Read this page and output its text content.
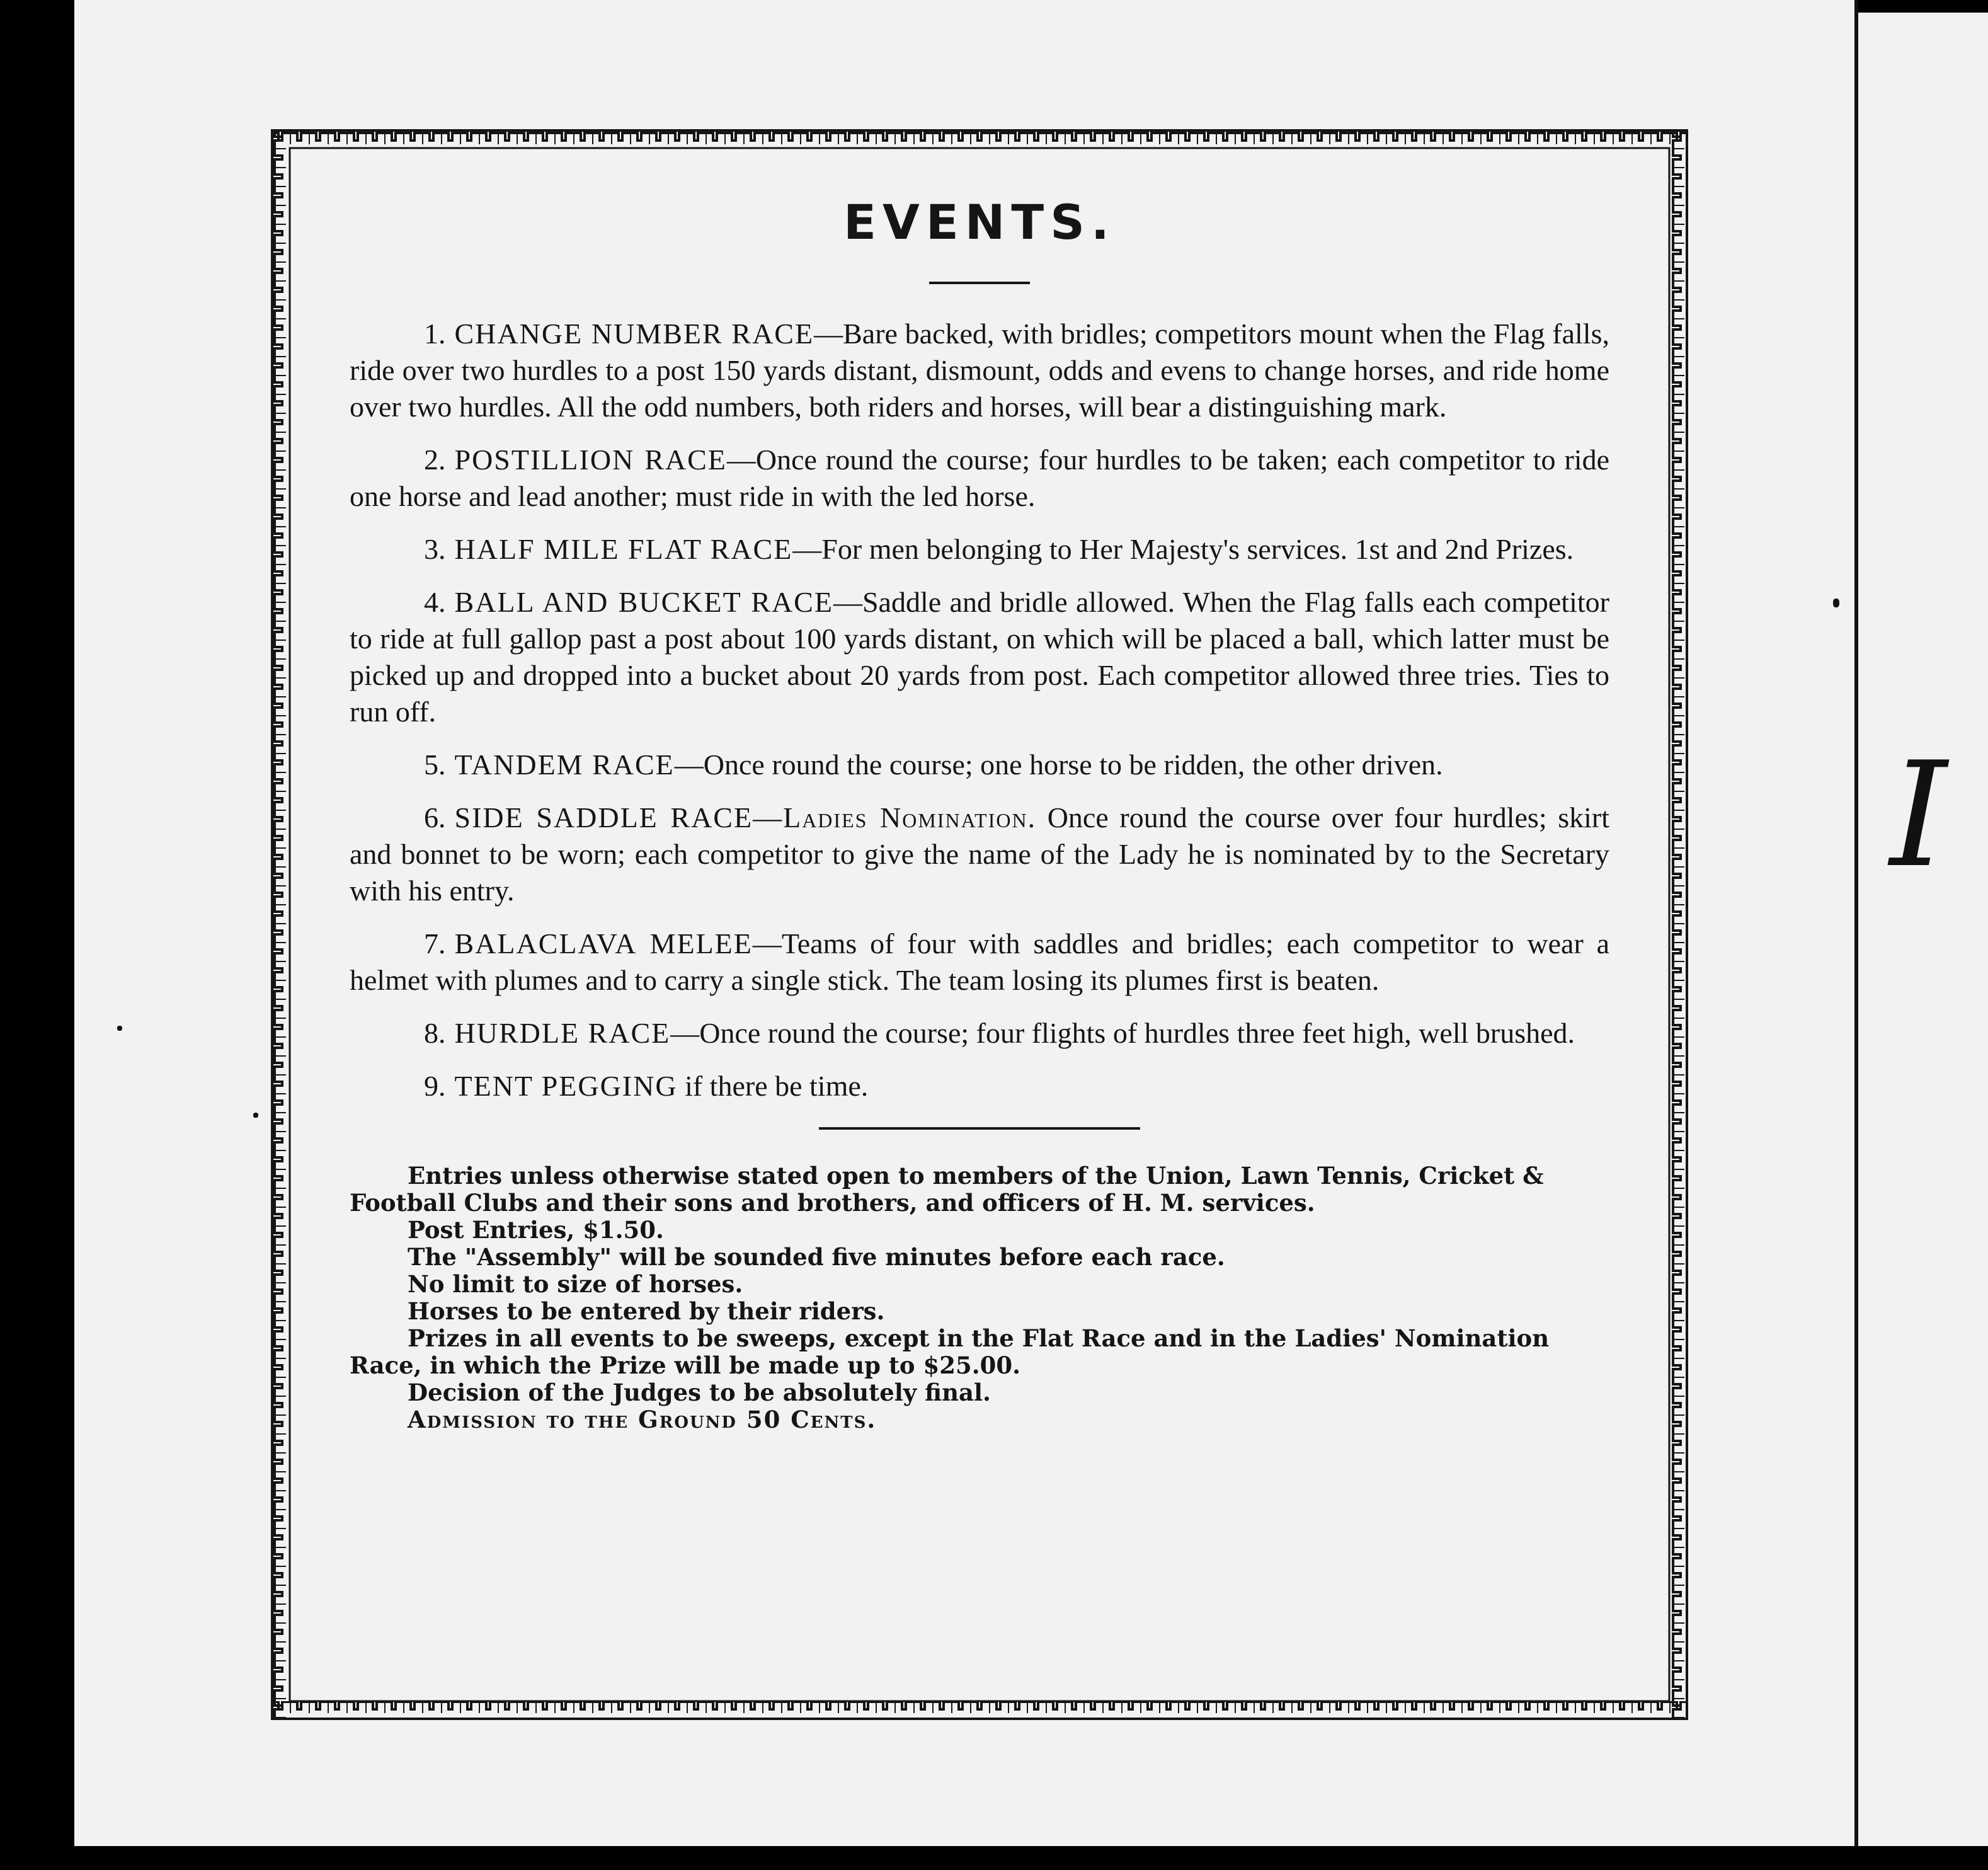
I
EVENTS.

1. CHANGE NUMBER RACE—Bare backed, with bridles; competitors mount when the Flag falls, ride over two hurdles to a post 150 yards distant, dismount, odds and evens to change horses, and ride home over two hurdles. All the odd numbers, both riders and horses, will bear a distinguishing mark.

2. POSTILLION RACE—Once round the course; four hurdles to be taken; each competitor to ride one horse and lead another; must ride in with the led horse.

3. HALF MILE FLAT RACE—For men belonging to Her Majesty's services. 1st and 2nd Prizes.

4. BALL AND BUCKET RACE—Saddle and bridle allowed. When the Flag falls each competitor to ride at full gallop past a post about 100 yards distant, on which will be placed a ball, which latter must be picked up and dropped into a bucket about 20 yards from post. Each competitor allowed three tries. Ties to run off.

5. TANDEM RACE—Once round the course; one horse to be ridden, the other driven.

6. SIDE SADDLE RACE—Ladies Nomination. Once round the course over four hurdles; skirt and bonnet to be worn; each competitor to give the name of the Lady he is nominated by to the Secretary with his entry.

7. BALACLAVA MELEE—Teams of four with saddles and bridles; each competitor to wear a helmet with plumes and to carry a single stick. The team losing its plumes first is beaten.

8. HURDLE RACE—Once round the course; four flights of hurdles three feet high, well brushed.

9. TENT PEGGING if there be time.

Entries unless otherwise stated open to members of the Union, Lawn Tennis, Cricket & Football Clubs and their sons and brothers, and officers of H. M. services.

Post Entries, $1.50.

The "Assembly" will be sounded five minutes before each race.

No limit to size of horses.

Horses to be entered by their riders.

Prizes in all events to be sweeps, except in the Flat Race and in the Ladies' Nomination Race, in which the Prize will be made up to $25.00.

Decision of the Judges to be absolutely final.

Admission to the Ground 50 Cents.
